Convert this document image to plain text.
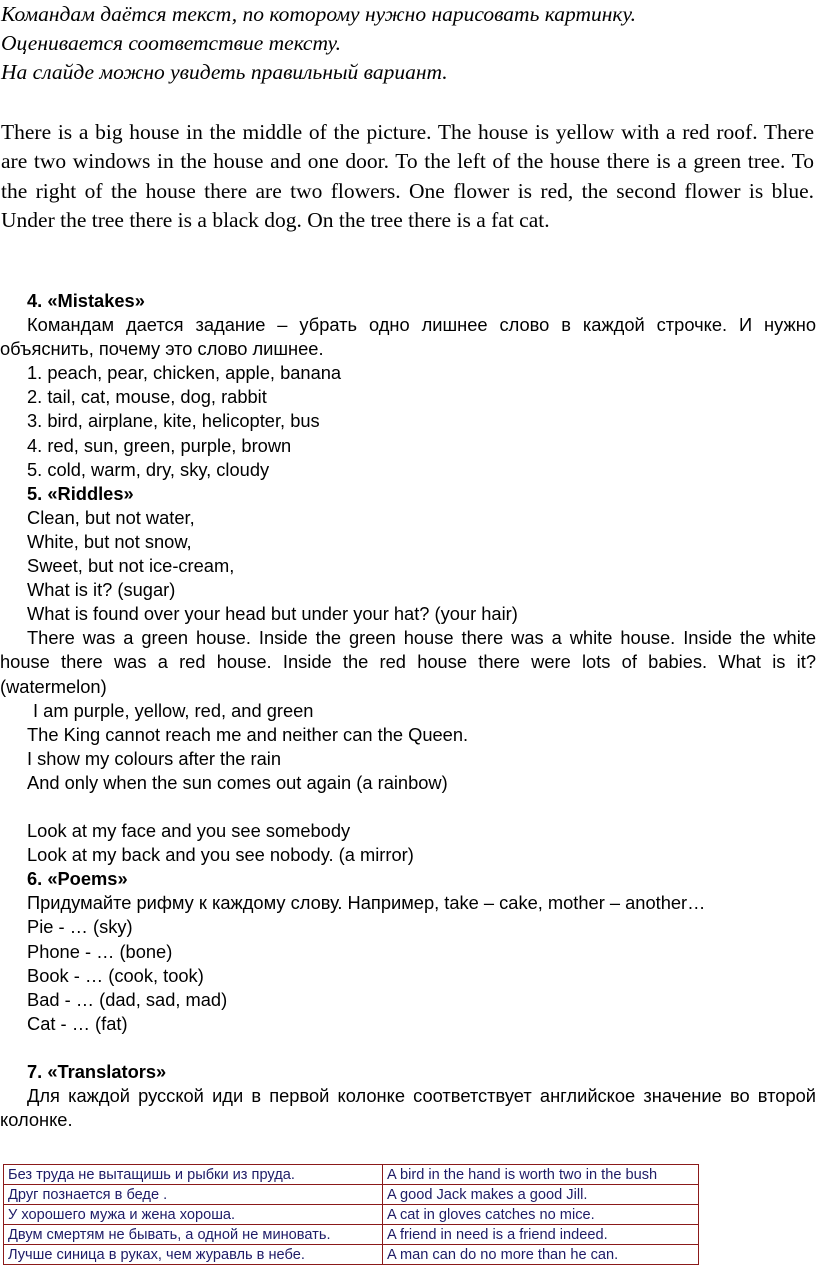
Командам даётся текст, по которому нужно нарисовать картинку.
Оценивается соответствие тексту.
На слайде можно увидеть правильный вариант.
There is a big house in the middle of the picture. The house is yellow with a red roof. There are two windows in the house and one door. To the left of the house there is a green tree. To the right of the house there are two flowers. One flower is red, the second flower is blue. Under the tree there is a black dog. On the tree there is a fat cat.
4. «Mistakes»
Командам дается задание – убрать одно лишнее слово в каждой строчке. И нужно объяснить, почему это слово лишнее.
1. peach, pear, chicken, apple, banana
2. tail, cat, mouse, dog, rabbit
3. bird, airplane, kite, helicopter, bus
4. red, sun, green, purple, brown
5. cold, warm, dry, sky, cloudy
5. «Riddles»
Clean, but not water,
White, but not snow,
Sweet, but not ice-cream,
What is it? (sugar)
What is found over your head but under your hat? (your hair)
There was a green house. Inside the green house there was a white house. Inside the white house there was a red house. Inside the red house there were lots of babies. What is it? (watermelon)
I am purple, yellow, red, and green
The King cannot reach me and neither can the Queen.
I show my colours after the rain
And only when the sun comes out again (a rainbow)
Look at my face and you see somebody
Look at my back and you see nobody. (a mirror)
6. «Poems»
Придумайте рифму к каждому слову. Например, take – cake, mother – another…
Pie - … (sky)
Phone - … (bone)
Book - … (cook, took)
Bad - … (dad, sad, mad)
Cat - … (fat)
7. «Translators»
Для каждой русской иди в первой колонке соответствует английское значение во второй колонке.
Без труда не вытащишь и рыбки из пруда.	A bird in the hand is worth two in the bush
Друг познается в беде .	A good Jack makes a good Jill.
У хорошего мужа и жена хороша.	A cat in gloves catches no mice.
Двум смертям не бывать, а одной не миновать.	A friend in need is a friend indeed.
Лучше синица в руках, чем журавль в небе.	A man can do no more than he can.
